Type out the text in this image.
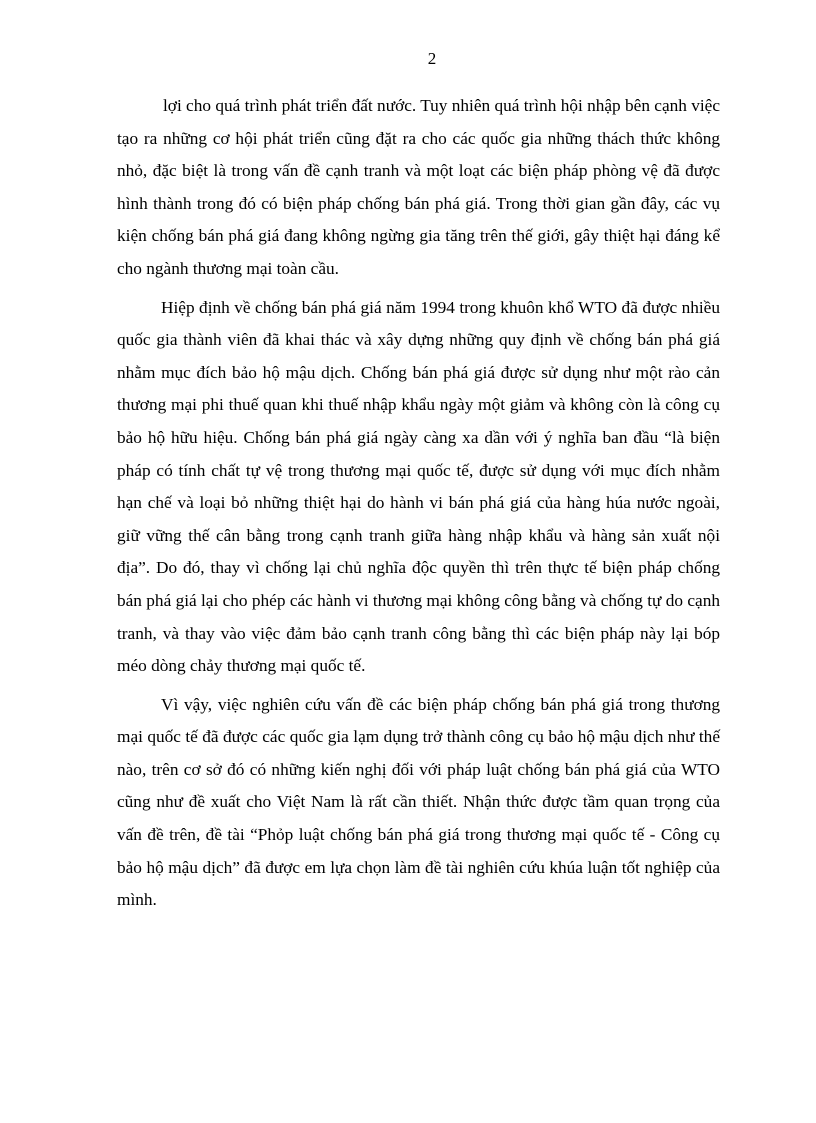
2

lợi cho quá trình phát triển đất nước. Tuy nhiên quá trình hội nhập bên cạnh việc tạo ra những cơ hội phát triển cũng đặt ra cho các quốc gia những thách thức không nhỏ, đặc biệt là trong vấn đề cạnh tranh và một loạt các biện pháp phòng vệ đã được hình thành trong đó có biện pháp chống bán phá giá. Trong thời gian gần đây, các vụ kiện chống bán phá giá đang không ngừng gia tăng trên thế giới, gây thiệt hại đáng kể cho ngành thương mại toàn cầu.

Hiệp định về chống bán phá giá năm 1994 trong khuôn khổ WTO đã được nhiều quốc gia thành viên đã khai thác và xây dựng những quy định về chống bán phá giá nhằm mục đích bảo hộ mậu dịch. Chống bán phá giá được sử dụng như một rào cản thương mại phi thuế quan khi thuế nhập khẩu ngày một giảm và không còn là công cụ bảo hộ hữu hiệu. Chống bán phá giá ngày càng xa dần với ý nghĩa ban đầu “là biện pháp có tính chất tự vệ trong thương mại quốc tế, được sử dụng với mục đích nhằm hạn chế và loại bỏ những thiệt hại do hành vi bán phá giá của hàng húa nước ngoài, giữ vững thế cân bằng trong cạnh tranh giữa hàng nhập khẩu và hàng sản xuất nội địa”. Do đó, thay vì chống lại chủ nghĩa độc quyền thì trên thực tế biện pháp chống bán phá giá lại cho phép các hành vi thương mại không công bằng và chống tự do cạnh tranh, và thay vào việc đảm bảo cạnh tranh công bằng thì các biện pháp này lại bóp méo dòng chảy thương mại quốc tế.

Vì vậy, việc nghiên cứu vấn đề các biện pháp chống bán phá giá trong thương mại quốc tế đã được các quốc gia lạm dụng trở thành công cụ bảo hộ mậu dịch như thế nào, trên cơ sở đó có những kiến nghị đối với pháp luật chống bán phá giá của WTO cũng như đề xuất cho Việt Nam là rất cần thiết. Nhận thức được tầm quan trọng của vấn đề trên, đề tài “Phỏp luật chống bán phá giá trong thương mại quốc tế - Công cụ bảo hộ mậu dịch” đã được em lựa chọn làm đề tài nghiên cứu khúa luận tốt nghiệp của mình.
